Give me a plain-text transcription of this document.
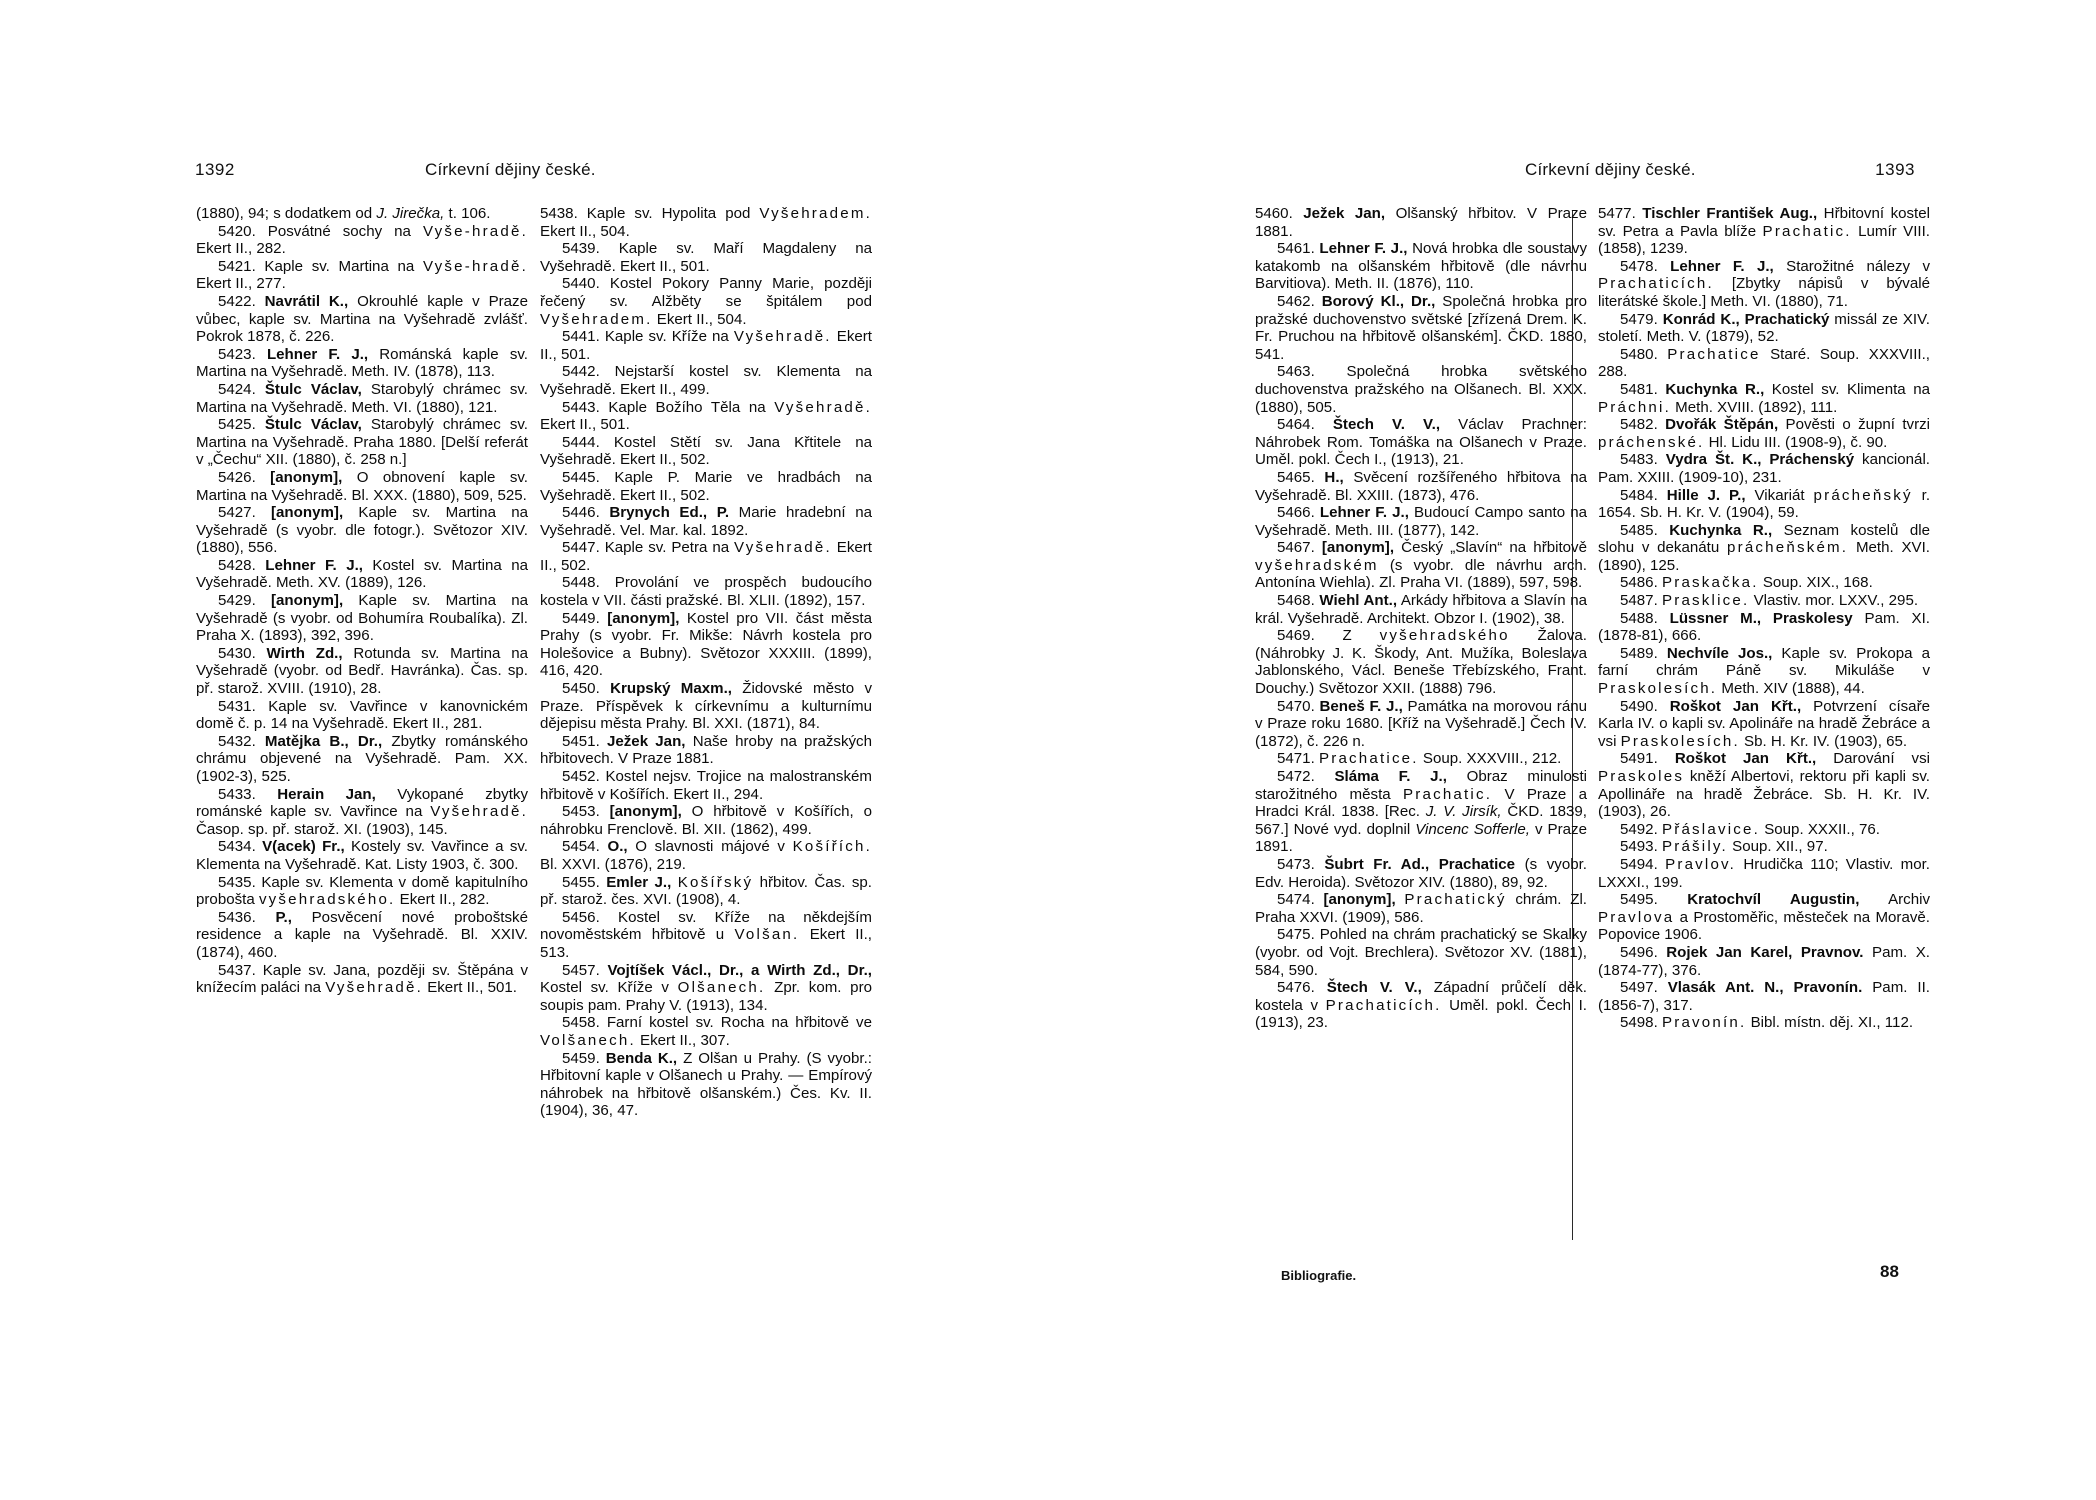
1392	Církevní dějiny české.	Církevní dějiny české.	1393

(1880), 94; s dodatkem od J. Jirečka, t. 106.

5420. Posvátné sochy na Vyše-hradě. Ekert II., 282.

5421. Kaple sv. Martina na Vyše-hradě. Ekert II., 277.

5422. Navrátil K., Okrouhlé kaple v Praze vůbec, kaple sv. Martina na Vyšehradě zvlášť. Pokrok 1878, č. 226.

5423. Lehner F. J., Románská kaple sv. Martina na Vyšehradě. Meth. IV. (1878), 113.

5424. Štulc Václav, Starobylý chrámec sv. Martina na Vyšehradě. Meth. VI. (1880), 121.

5425. Štulc Václav, Starobylý chrámec sv. Martina na Vyšehradě. Praha 1880. [Delší referát v „Čechu“ XII. (1880), č. 258 n.]

5426. [anonym], O obnovení kaple sv. Martina na Vyšehradě. Bl. XXX. (1880), 509, 525.

5427. [anonym], Kaple sv. Martina na Vyšehradě (s vyobr. dle fotogr.). Světozor XIV. (1880), 556.

5428. Lehner F. J., Kostel sv. Martina na Vyšehradě. Meth. XV. (1889), 126.

5429. [anonym], Kaple sv. Martina na Vyšehradě (s vyobr. od Bohumíra Roubalíka). Zl. Praha X. (1893), 392, 396.

5430. Wirth Zd., Rotunda sv. Martina na Vyšehradě (vyobr. od Bedř. Havránka). Čas. sp. př. starož. XVIII. (1910), 28.

5431. Kaple sv. Vavřince v kanovnickém domě č. p. 14 na Vyšehradě. Ekert II., 281.

5432. Matějka B., Dr., Zbytky románského chrámu objevené na Vyšehradě. Pam. XX. (1902-3), 525.

5433. Herain Jan, Vykopané zbytky románské kaple sv. Vavřince na Vyšehradě. Časop. sp. př. starož. XI. (1903), 145.

5434. V(acek) Fr., Kostely sv. Vavřince a sv. Klementa na Vyšehradě. Kat. Listy 1903, č. 300.

5435. Kaple sv. Klementa v domě kapitulního probošta vyšehradského. Ekert II., 282.

5436. P., Posvěcení nové proboštské residence a kaple na Vyšehradě. Bl. XXIV. (1874), 460.

5437. Kaple sv. Jana, později sv. Štěpána v knížecím paláci na Vyšehradě. Ekert II., 501.

5438. Kaple sv. Hypolita pod Vyšehradem. Ekert II., 504.

5439. Kaple sv. Maří Magdaleny na Vyšehradě. Ekert II., 501.

5440. Kostel Pokory Panny Marie, později řečený sv. Alžběty se špitálem pod Vyšehradem. Ekert II., 504.

5441. Kaple sv. Kříže na Vyšehradě. Ekert II., 501.

5442. Nejstarší kostel sv. Klementa na Vyšehradě. Ekert II., 499.

5443. Kaple Božího Těla na Vyšehradě. Ekert II., 501.

5444. Kostel Stětí sv. Jana Křtitele na Vyšehradě. Ekert II., 502.

5445. Kaple P. Marie ve hradbách na Vyšehradě. Ekert II., 502.

5446. Brynych Ed., P. Marie hradební na Vyšehradě. Vel. Mar. kal. 1892.

5447. Kaple sv. Petra na Vyšehradě. Ekert II., 502.

5448. Provolání ve prospěch budoucího kostela v VII. části pražské. Bl. XLII. (1892), 157.

5449. [anonym], Kostel pro VII. část města Prahy (s vyobr. Fr. Mikše: Návrh kostela pro Holešovice a Bubny). Světozor XXXIII. (1899), 416, 420.

5450. Krupský Maxm., Židovské město v Praze. Příspěvek k církevnímu a kulturnímu dějepisu města Prahy. Bl. XXI. (1871), 84.

5451. Ježek Jan, Naše hroby na pražských hřbitovech. V Praze 1881.

5452. Kostel nejsv. Trojice na malostranském hřbitově v Košířích. Ekert II., 294.

5453. [anonym], O hřbitově v Košířích, o náhrobku Frenclově. Bl. XII. (1862), 499.

5454. O., O slavnosti májové v Košířích. Bl. XXVI. (1876), 219.

5455. Emler J., Košířský hřbitov. Čas. sp. př. starož. čes. XVI. (1908), 4.

5456. Kostel sv. Kříže na někdejším novoměstském hřbitově u Volšan. Ekert II., 513.

5457. Vojtíšek Václ., Dr., a Wirth Zd., Dr., Kostel sv. Kříže v Olšanech. Zpr. kom. pro soupis pam. Prahy V. (1913), 134.

5458. Farní kostel sv. Rocha na hřbitově ve Volšanech. Ekert II., 307.

5459. Benda K., Z Olšan u Prahy. (S vyobr.: Hřbitovní kaple v Olšanech u Prahy. — Empírový náhrobek na hřbitově olšanském.) Čes. Kv. II. (1904), 36, 47.

5460. Ježek Jan, Olšanský hřbitov. V Praze 1881.

5461. Lehner F. J., Nová hrobka dle soustavy katakomb na olšanském hřbitově (dle návrhu Barvitiova). Meth. II. (1876), 110.

5462. Borový Kl., Dr., Společná hrobka pro pražské duchovenstvo světské [zřízená Drem. K. Fr. Pruchou na hřbitově olšanském]. ČKD. 1880, 541.

5463. Společná hrobka světského duchovenstva pražského na Olšanech. Bl. XXX. (1880), 505.

5464. Štech V. V., Václav Prachner: Náhrobek Rom. Tomáška na Olšanech v Praze. Uměl. pokl. Čech I., (1913), 21.

5465. H., Svěcení rozšířeného hřbitova na Vyšehradě. Bl. XXIII. (1873), 476.

5466. Lehner F. J., Budoucí Campo santo na Vyšehradě. Meth. III. (1877), 142.

5467. [anonym], Český „Slavín“ na hřbitově vyšehradském (s vyobr. dle návrhu arch. Antonína Wiehla). Zl. Praha VI. (1889), 597, 598.

5468. Wiehl Ant., Arkády hřbitova a Slavín na král. Vyšehradě. Architekt. Obzor I. (1902), 38.

5469. Z vyšehradského Žalova. (Náhrobky J. K. Škody, Ant. Mužíka, Boleslava Jablonského, Václ. Beneše Třebízského, Frant. Douchy.) Světozor XXII. (1888) 796.

5470. Beneš F. J., Památka na morovou ránu v Praze roku 1680. [Kříž na Vyšehradě.] Čech IV. (1872), č. 226 n.

5471. Prachatice. Soup. XXXVIII., 212.

5472. Sláma F. J., Obraz minulosti starožitného města Prachatic. V Praze a Hradci Král. 1838. [Rec. J. V. Jirsík, ČKD. 1839, 567.] Nové vyd. doplnil Vincenc Sofferle, v Praze 1891.

5473. Šubrt Fr. Ad., Prachatice (s vyobr. Edv. Heroida). Světozor XIV. (1880), 89, 92.

5474. [anonym], Prachatický chrám. Zl. Praha XXVI. (1909), 586.

5475. Pohled na chrám prachatický se Skalky (vyobr. od Vojt. Brechlera). Světozor XV. (1881), 584, 590.

5476. Štech V. V., Západní průčelí děk. kostela v Prachaticích. Uměl. pokl. Čech I. (1913), 23.

5477. Tischler František Aug., Hřbitovní kostel sv. Petra a Pavla blíže Prachatic. Lumír VIII. (1858), 1239.

5478. Lehner F. J., Starožitné nálezy v Prachaticích. [Zbytky nápisů v bývalé literátské škole.] Meth. VI. (1880), 71.

5479. Konrád K., Prachatický missál ze XIV. století. Meth. V. (1879), 52.

5480. Prachatice Staré. Soup. XXXVIII., 288.

5481. Kuchynka R., Kostel sv. Klimenta na Práchni. Meth. XVIII. (1892), 111.

5482. Dvořák Štěpán, Pověsti o župní tvrzi práchenské. Hl. Lidu III. (1908-9), č. 90.

5483. Vydra Št. K., Práchenský kancionál. Pam. XXIII. (1909-10), 231.

5484. Hille J. P., Vikariát prácheňský r. 1654. Sb. H. Kr. V. (1904), 59.

5485. Kuchynka R., Seznam kostelů dle slohu v dekanátu prácheňském. Meth. XVI. (1890), 125.

5486. Praskačka. Soup. XIX., 168.

5487. Prasklice. Vlastiv. mor. LXXV., 295.

5488. Lüssner M., Praskolesy Pam. XI. (1878-81), 666.

5489. Nechvíle Jos., Kaple sv. Prokopa a farní chrám Páně sv. Mikuláše v Praskolesích. Meth. XIV (1888), 44.

5490. Roškot Jan Křt., Potvrzení císaře Karla IV. o kapli sv. Apolináře na hradě Žebráce a vsi Praskolesích. Sb. H. Kr. IV. (1903), 65.

5491. Roškot Jan Křt., Darování vsi Praskoles kněží Albertovi, rektoru při kapli sv. Apollináře na hradě Žebráce. Sb. H. Kr. IV. (1903), 26.

5492. Přáslavice. Soup. XXXII., 76.

5493. Prášily. Soup. XII., 97.

5494. Pravlov. Hrudička 110; Vlastiv. mor. LXXXI., 199.

5495. Kratochvíl Augustin, Archiv Pravlova a Prostoměřic, městeček na Moravě. Popovice 1906.

5496. Rojek Jan Karel, Pravnov. Pam. X. (1874-77), 376.

5497. Vlasák Ant. N., Pravonín. Pam. II. (1856-7), 317.

5498. Pravonín. Bibl. místn. děj. XI., 112.

Bibliografie.	88
